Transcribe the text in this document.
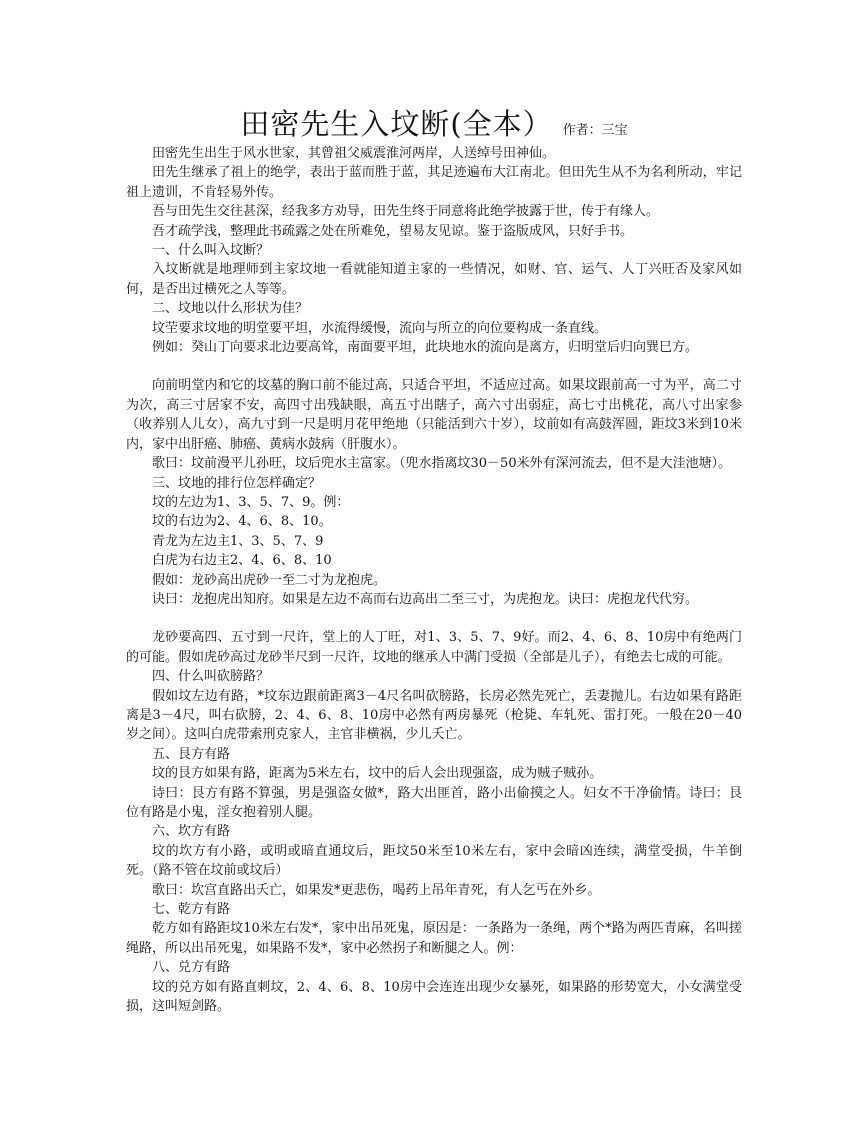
田密先生入坟断(全本） 作者：三宝

田密先生出生于风水世家，其曾祖父威震淮河两岸，人送绰号田神仙。

田先生继承了祖上的绝学，表出于蓝而胜于蓝，其足迹遍布大江南北。但田先生从不为名利所动，牢记祖上遗训，不肯轻易外传。

吾与田先生交往甚深，经我多方劝导，田先生终于同意将此绝学披露于世，传于有缘人。

吾才疏学浅，整理此书疏露之处在所难免，望易友见谅。鉴于盗版成风，只好手书。

一、什么叫入坟断？

入坟断就是地理师到主家坟地一看就能知道主家的一些情况，如财、官、运气、人丁兴旺否及家风如何，是否出过横死之人等等。

二、坟地以什么形状为佳？

坟茔要求坟地的明堂要平坦，水流得缓慢，流向与所立的向位要构成一条直线。

例如：癸山丁向要求北边要高耸，南面要平坦，此块地水的流向是离方，归明堂后归向巽巳方。

向前明堂内和它的坟墓的胸口前不能过高，只适合平坦，不适应过高。如果坟跟前高一寸为平，高二寸为次，高三寸居家不安，高四寸出残缺眼，高五寸出瞎子，高六寸出弱症，高七寸出桃花，高八寸出家参（收养别人儿女），高九寸到一尺是明月花甲绝地（只能活到六十岁），坟前如有高鼓浑圆，距坟3米到10米内，家中出肝癌、肺癌、黄病水鼓病（肝腹水）。

歌曰：坟前漫平儿孙旺，坟后兜水主富家。（兜水指离坟30－50米外有深河流去，但不是大洼池塘）。

三、坟地的排行位怎样确定？

坟的左边为1、3、5、7、9。例：

坟的右边为2、4、6、8、10。

青龙为左边主1、3、5、7、9

白虎为右边主2、4、6、8、10

假如：龙砂高出虎砂一至二寸为龙抱虎。

诀曰：龙抱虎出知府。如果是左边不高而右边高出二至三寸，为虎抱龙。诀曰：虎抱龙代代穷。

龙砂要高四、五寸到一尺许，堂上的人丁旺，对1、3、5、7、9好。而2、4、6、8、10房中有绝两门的可能。假如虎砂高过龙砂半尺到一尺许，坟地的继承人中满门受损（全部是儿子），有绝去七成的可能。

四、什么叫砍膀路？

假如坟左边有路，*坟东边跟前距离3－4尺名叫砍膀路，长房必然先死亡，丢妻抛儿。右边如果有路距离是3－4尺，叫右砍膀，2、4、6、8、10房中必然有两房暴死（枪毙、车轧死、雷打死。一般在20－40岁之间）。这叫白虎带索刑克家人，主官非横祸，少儿夭亡。

五、艮方有路

坟的艮方如果有路，距离为5米左右，坟中的后人会出现强盗，成为贼子贼孙。

诗曰：艮方有路不算强，男是强盗女做*，路大出匪首，路小出偷摸之人。妇女不干净偷情。诗曰：艮位有路是小鬼，淫女抱着别人腿。

六、坎方有路

坟的坎方有小路，或明或暗直通坟后，距坟50米至10米左右，家中会暗凶连续，满堂受损，牛羊倒死。（路不管在坟前或坟后）

歌曰：坎宫直路出夭亡，如果发*更悲伤，喝药上吊年青死，有人乞丐在外乡。

七、乾方有路

乾方如有路距坟10米左右发*，家中出吊死鬼，原因是：一条路为一条绳，两个*路为两匹青麻，名叫搓绳路，所以出吊死鬼，如果路不发*，家中必然拐子和断腿之人。例：

八、兑方有路

坟的兑方如有路直刺坟，2、4、6、8、10房中会连连出现少女暴死，如果路的形势宽大，小女满堂受损，这叫短剑路。
